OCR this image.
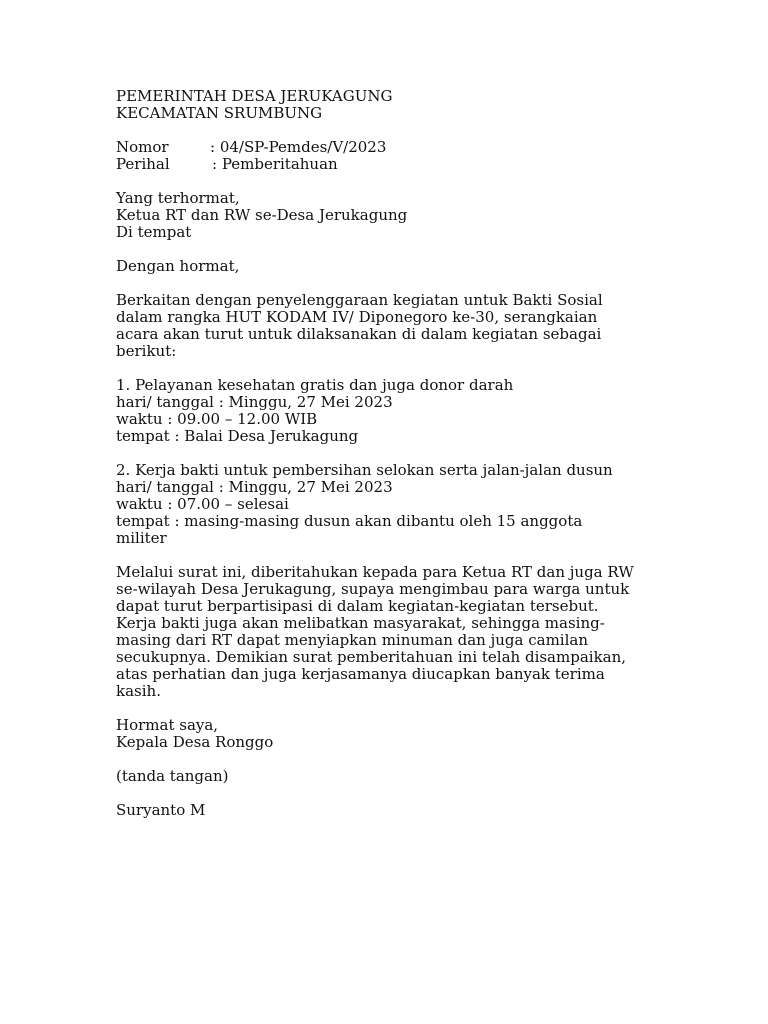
PEMERINTAH DESA JERUKAGUNG

KECAMATAN SRUMBUNG

Nomor	: 04/SP-Pemdes/V/2023
Perihal	: Pemberitahuan

Yang terhormat,

Ketua RT dan RW se-Desa Jerukagung

Di tempat

Dengan hormat,

Berkaitan dengan penyelenggaraan kegiatan untuk Bakti Sosial

dalam rangka HUT KODAM IV/ Diponegoro ke-30, serangkaian

acara akan turut untuk dilaksanakan di dalam kegiatan sebagai

berikut:

1. Pelayanan kesehatan gratis dan juga donor darah

hari/ tanggal : Minggu, 27 Mei 2023

waktu : 09.00 – 12.00 WIB

tempat : Balai Desa Jerukagung

2. Kerja bakti untuk pembersihan selokan serta jalan-jalan dusun

hari/ tanggal : Minggu, 27 Mei 2023

waktu : 07.00 – selesai

tempat : masing-masing dusun akan dibantu oleh 15 anggota

militer

Melalui surat ini, diberitahukan kepada para Ketua RT dan juga RW

se-wilayah Desa Jerukagung, supaya mengimbau para warga untuk

dapat turut berpartisipasi di dalam kegiatan-kegiatan tersebut.

Kerja bakti juga akan melibatkan masyarakat, sehingga masing-

masing dari RT dapat menyiapkan minuman dan juga camilan

secukupnya. Demikian surat pemberitahuan ini telah disampaikan,

atas perhatian dan juga kerjasamanya diucapkan banyak terima

kasih.

Hormat saya,

Kepala Desa Ronggo

(tanda tangan)

Suryanto M
